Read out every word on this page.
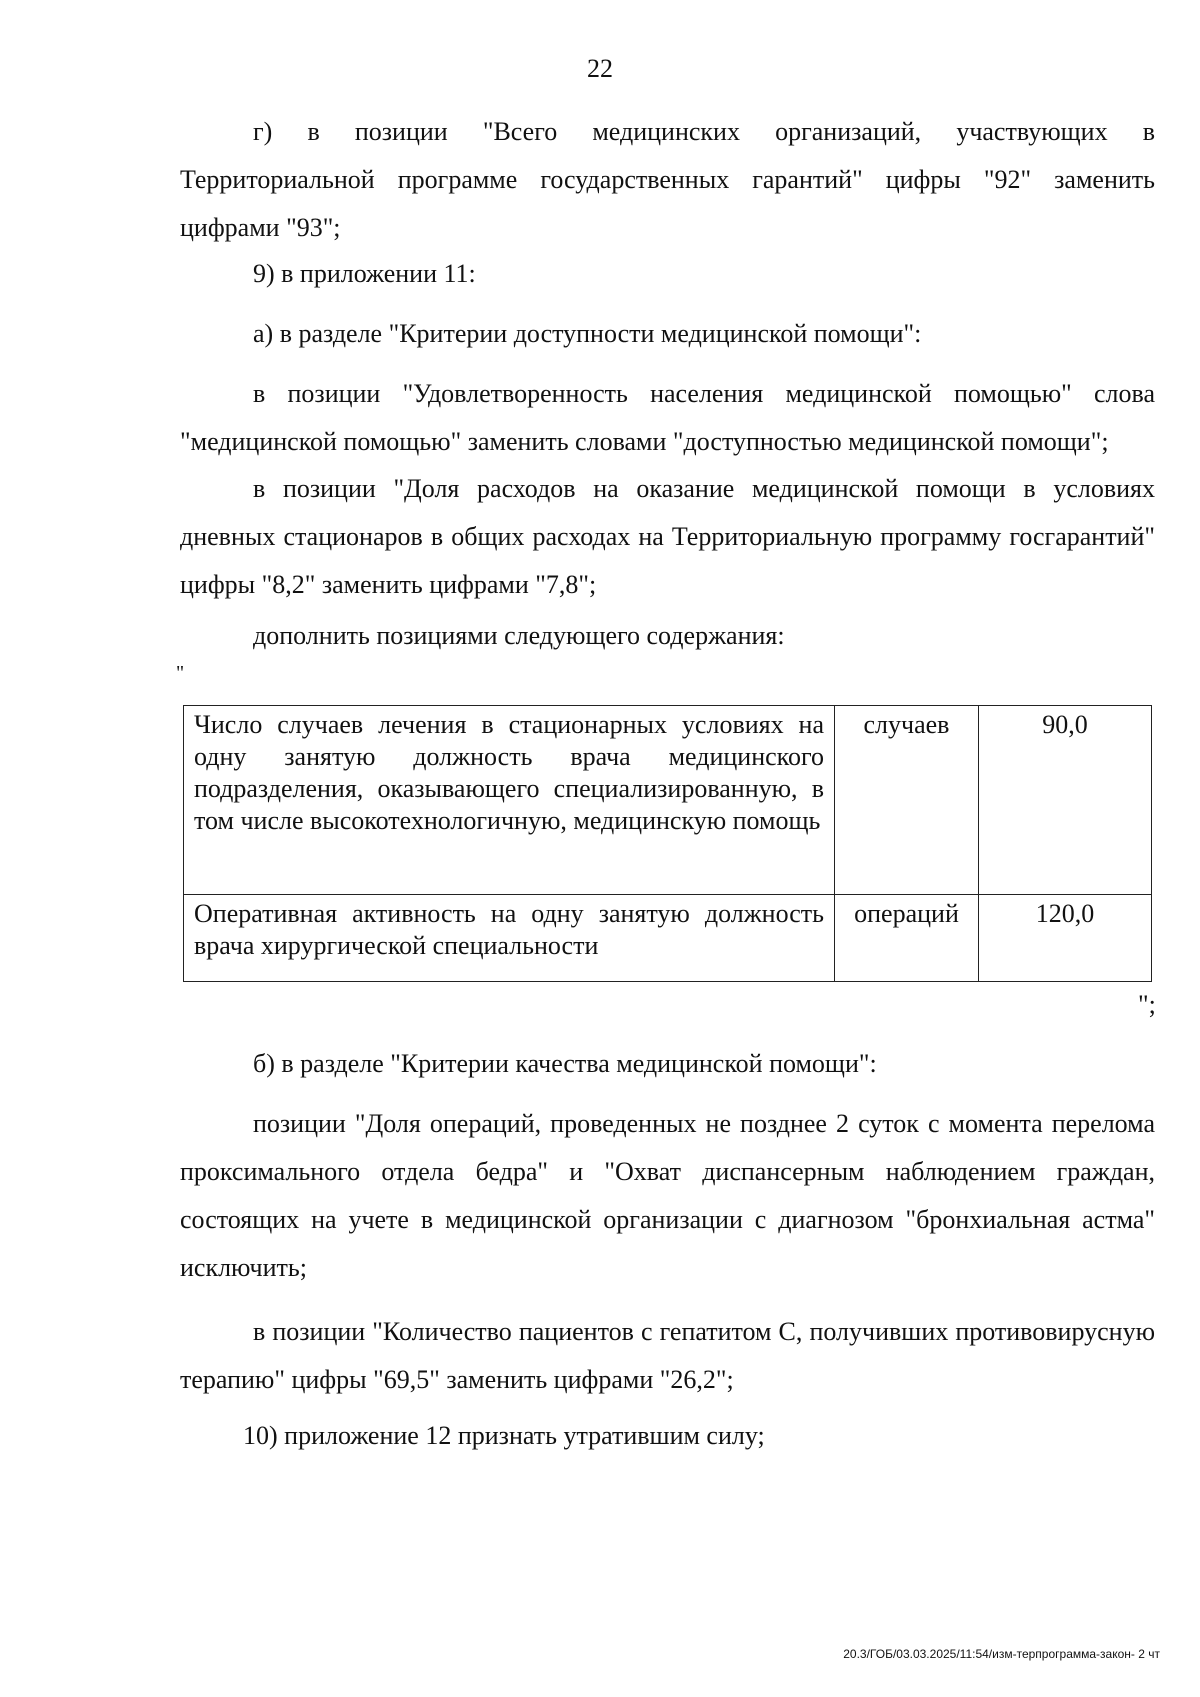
22

г) в позиции "Всего медицинских организаций, участвующих в Территориальной программе государственных гарантий" цифры "92" заменить цифрами "93";

9) в приложении 11:
а) в разделе "Критерии доступности медицинской помощи":

в позиции "Удовлетворенность населения медицинской помощью" слова "медицинской помощью" заменить словами "доступностью медицинской помощи";

в позиции "Доля расходов на оказание медицинской помощи в условиях дневных стационаров в общих расходах на Территориальную программу госгарантий" цифры "8,2" заменить цифрами "7,8";

дополнить позициями следующего содержания:
"
Число случаев лечения в стационарных условиях на одну занятую должность врача медицинского подразделения, оказывающего специализированную, в том числе высокотехнологичную, медицинскую помощь	случаев	90,0
Оперативная активность на одну занятую должность врача хирургической специальности	операций	120,0
";
б) в разделе "Критерии качества медицинской помощи":

позиции "Доля операций, проведенных не позднее 2 суток с момента перелома проксимального отдела бедра" и "Охват диспансерным наблюдением граждан, состоящих на учете в медицинской организации с диагнозом "бронхиальная астма" исключить;

в позиции "Количество пациентов с гепатитом С, получивших противовирусную терапию" цифры "69,5" заменить цифрами "26,2";

10) приложение 12 признать утратившим силу;
20.3/ГОБ/03.03.2025/11:54/изм-терпрограмма-закон- 2 чт
